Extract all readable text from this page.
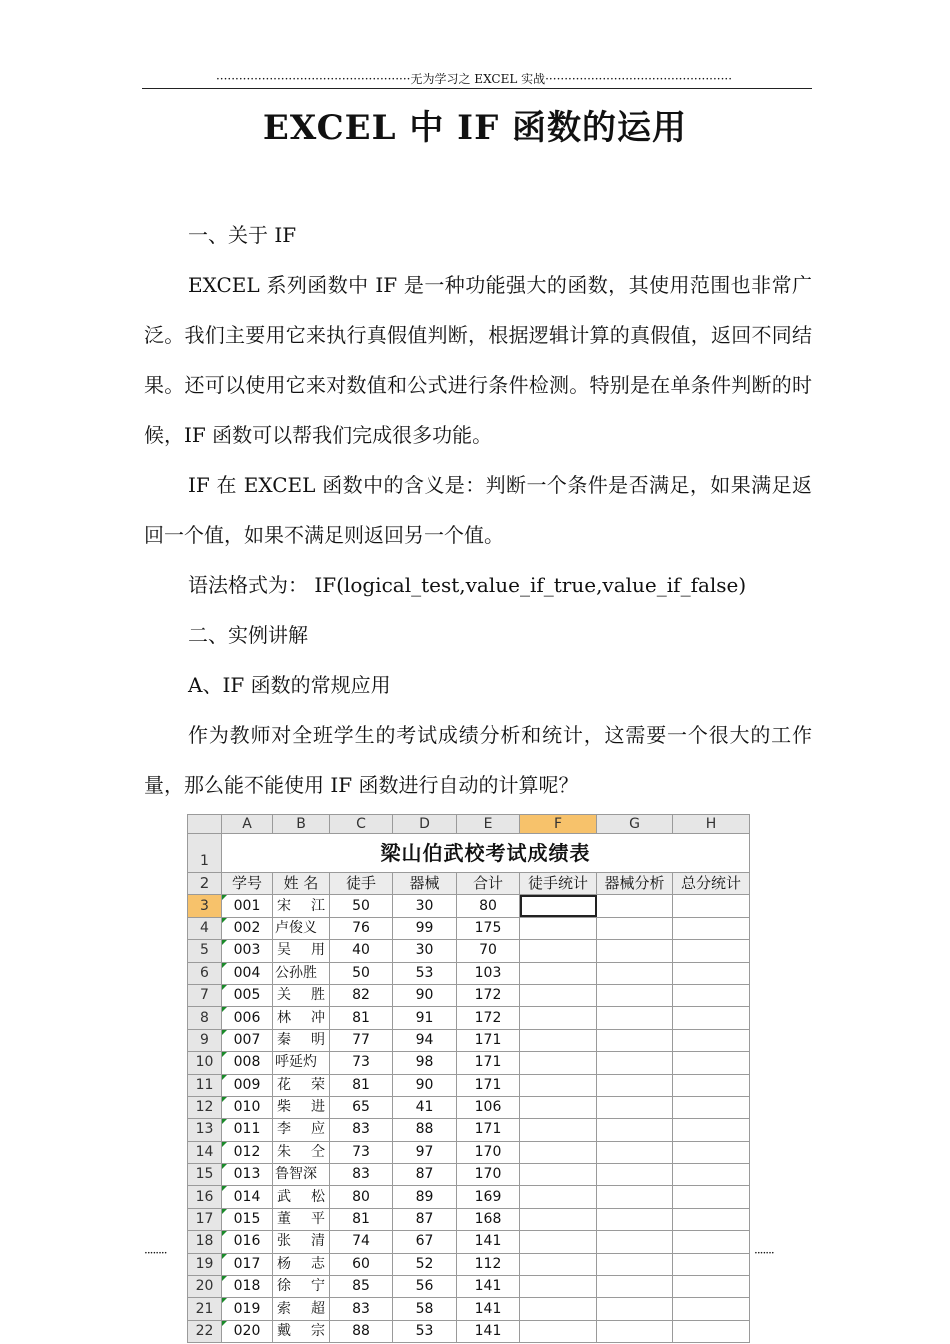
···················································无为学习之 EXCEL 实战·················································
EXCEL 中 IF 函数的运用
一、关于 IF
EXCEL 系列函数中 IF 是一种功能强大的函数，其使用范围也非常广泛。我们主要用它来执行真假值判断，根据逻辑计算的真假值，返回不同结果。还可以使用它来对数值和公式进行条件检测。特别是在单条件判断的时候，IF 函数可以帮我们完成很多功能。
IF 在 EXCEL 函数中的含义是：判断一个条件是否满足，如果满足返回一个值，如果不满足则返回另一个值。
语法格式为： IF(logical_test,value_if_true,value_if_false)
二、实例讲解
A、IF 函数的常规应用
作为教师对全班学生的考试成绩分析和统计，这需要一个很大的工作量，那么能不能使用 IF 函数进行自动的计算呢？
	A	B	C	D	E	F	G	H
1	梁山伯武校考试成绩表							
2	学号	姓 名	徒手	器械	合计	徒手统计	器械分析	总分统计
3	001	宋 江	50	30	80			
4	002	卢俊义	76	99	175			
5	003	吴 用	40	30	70			
6	004	公孙胜	50	53	103			
7	005	关 胜	82	90	172			
8	006	林 冲	81	91	172			
9	007	秦 明	77	94	171			
10	008	呼延灼	73	98	171			
11	009	花 荣	81	90	171			
12	010	柴 进	65	41	106			
13	011	李 应	83	88	171			
14	012	朱 仝	73	97	170			
15	013	鲁智深	83	87	170			
16	014	武 松	80	89	169			
17	015	董 平	81	87	168			
18	016	张 清	74	67	141			
19	017	杨 志	60	52	112			
20	018	徐 宁	85	56	141			
21	019	索 超	83	58	141			
22	020	戴 宗	88	53	141			
········	·······
